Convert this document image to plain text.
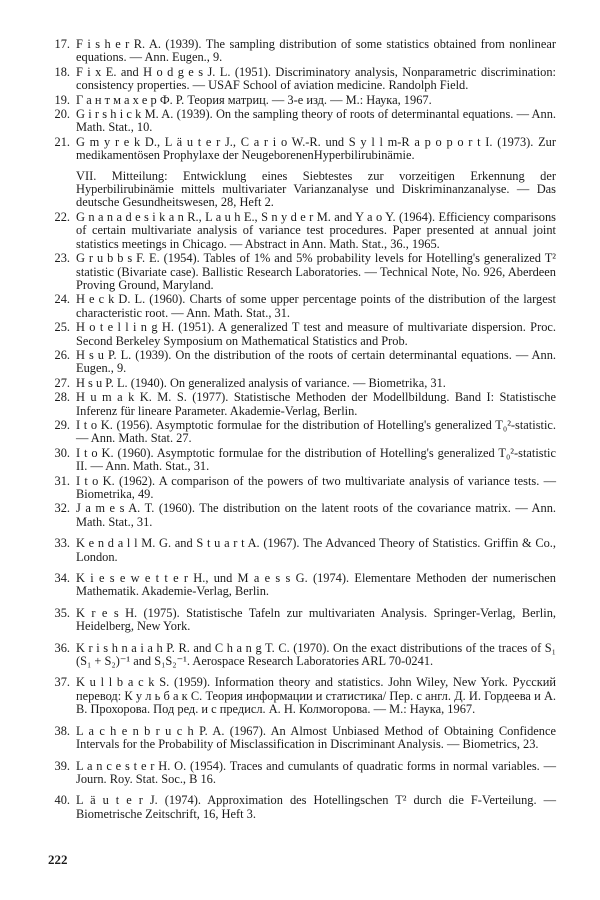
17. F i s h e r R. A. (1939). The sampling distribution of some statistics obtained from nonlinear equations. — Ann. Eugen., 9.
18. F i x E. and H o d g e s J. L. (1951). Discriminatory analysis, Nonparametric discrimination: consistency properties. — USAF School of aviation medicine. Randolph Field.
19. Г а н т м а х е р Ф. Р. Теория матриц. — 3-е изд. — М.: Наука, 1967.
20. G i r s h i c k M. A. (1939). On the sampling theory of roots of determinantal equations. — Ann. Math. Stat., 10.
21. G m y r e k D., L ä u t e r J., C a r i o W.-R. und S y l l m-R a p o p o r t I. (1973). Zur medikamentösen Prophylaxe der NeugeborenenHyperbilirubinämie.
VII. Mitteilung: Entwicklung eines Siebtestes zur vorzeitigen Erkennung der Hyperbilirubinämie mittels multivariater Varianzanalyse und Diskriminanzanalyse. — Das deutsche Gesundheitswesen, 28, Heft 2.
22. G n a n a d e s i k a n R., L a u h E., S n y d e r M. and Y a o Y. (1964). Efficiency comparisons of certain multivariate analysis of variance test procedures. Paper presented at annual joint statistics meetings in Chicago. — Abstract in Ann. Math. Stat., 36., 1965.
23. G r u b b s F. E. (1954). Tables of 1% and 5% probability levels for Hotelling's generalized T² statistic (Bivariate case). Ballistic Research Laboratories. — Technical Note, No. 926, Aberdeen Proving Ground, Maryland.
24. H e c k D. L. (1960). Charts of some upper percentage points of the distribution of the largest characteristic root. — Ann. Math. Stat., 31.
25. H o t e l l i n g H. (1951). A generalized T test and measure of multivariate dispersion. Proc. Second Berkeley Symposium on Mathematical Statistics and Prob.
26. H s u P. L. (1939). On the distribution of the roots of certain determinantal equations. — Ann. Eugen., 9.
27. H s u P. L. (1940). On generalized analysis of variance. — Biometrika, 31.
28. H u m a k K. M. S. (1977). Statistische Methoden der Modellbildung. Band I: Statistische Inferenz für lineare Parameter. Akademie-Verlag, Berlin.
29. I t o K. (1956). Asymptotic formulae for the distribution of Hotelling's generalized T₀²-statistic. — Ann. Math. Stat. 27.
30. I t o K. (1960). Asymptotic formulae for the distribution of Hotelling's generalized T₀²-statistic II. — Ann. Math. Stat., 31.
31. I t o K. (1962). A comparison of the powers of two multivariate analysis of variance tests. — Biometrika, 49.
32. J a m e s A. T. (1960). The distribution on the latent roots of the covariance matrix. — Ann. Math. Stat., 31.
33. K e n d a l l M. G. and S t u a r t A. (1967). The Advanced Theory of Statistics. Griffin & Co., London.
34. K i e s e w e t t e r H., und M a e s s G. (1974). Elementare Methoden der numerischen Mathematik. Akademie-Verlag, Berlin.
35. K r e s H. (1975). Statistische Tafeln zur multivariaten Analysis. Springer-Verlag, Berlin, Heidelberg, New York.
36. K r i s h n a i a h P. R. and C h a n g T. C. (1970). On the exact distributions of the traces of S₁ (S₁ + S₂)⁻¹ and S₁S₂⁻¹. Aerospace Research Laboratories ARL 70-0241.
37. K u l l b a c k S. (1959). Information theory and statistics. John Wiley, New York. Русский перевод: К у л ь б а к С. Теория информации и статистика/ Пер. с англ. Д. И. Гордеева и А. В. Прохорова. Под ред. и с предисл. А. Н. Колмогорова. — М.: Наука, 1967.
38. L a c h e n b r u c h P. A. (1967). An Almost Unbiased Method of Obtaining Confidence Intervals for the Probability of Misclassification in Discriminant Analysis. — Biometrics, 23.
39. L a n c e s t e r H. O. (1954). Traces and cumulants of quadratic forms in normal variables. — Journ. Roy. Stat. Soc., B 16.
40. L ä u t e r J. (1974). Approximation des Hotellingschen T² durch die F-Verteilung. — Biometrische Zeitschrift, 16, Heft 3.
222
